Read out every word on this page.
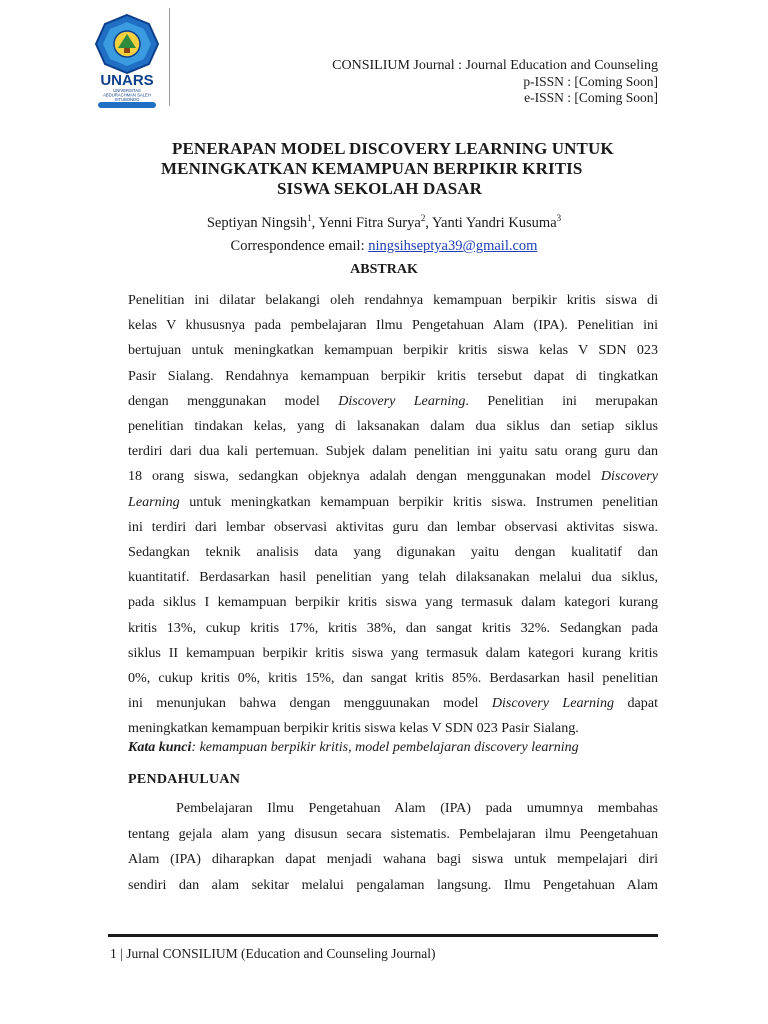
UNARS
UNIVERSITAS
ABDURACHMAN SALEH
SITUBONDO
CONSILIUM Journal : Journal Education and Counseling
p-ISSN : [Coming Soon]
e-ISSN : [Coming Soon]
PENERAPAN MODEL DISCOVERY LEARNING UNTUK
MENINGKATKAN KEMAMPUAN BERPIKIR KRITIS
SISWA SEKOLAH DASAR
Septiyan Ningsih$^1$, Yenni Fitra Surya$^2$, Yanti Yandri Kusuma$^3$
Correspondence email: ningsihseptya39@gmail.com
ABSTRAK
Penelitian ini dilatar belakangi oleh rendahnya kemampuan berpikir kritis siswa di
kelas V khususnya pada pembelajaran Ilmu Pengetahuan Alam (IPA). Penelitian ini
bertujuan untuk meningkatkan kemampuan berpikir kritis siswa kelas V SDN 023
Pasir Sialang. Rendahnya kemampuan berpikir kritis tersebut dapat di tingkatkan
dengan menggunakan model Discovery Learning. Penelitian ini merupakan
penelitian tindakan kelas, yang di laksanakan dalam dua siklus dan setiap siklus
terdiri dari dua kali pertemuan. Subjek dalam penelitian ini yaitu satu orang guru dan
18 orang siswa, sedangkan objeknya adalah dengan menggunakan model Discovery
Learning untuk meningkatkan kemampuan berpikir kritis siswa. Instrumen penelitian
ini terdiri dari lembar observasi aktivitas guru dan lembar observasi aktivitas siswa.
Sedangkan teknik analisis data yang digunakan yaitu dengan kualitatif dan
kuantitatif. Berdasarkan hasil penelitian yang telah dilaksanakan melalui dua siklus,
pada siklus I kemampuan berpikir kritis siswa yang termasuk dalam kategori kurang
kritis 13%, cukup kritis 17%, kritis 38%, dan sangat kritis 32%. Sedangkan pada
siklus II kemampuan berpikir kritis siswa yang termasuk dalam kategori kurang kritis
0%, cukup kritis 0%, kritis 15%, dan sangat kritis 85%. Berdasarkan hasil penelitian
ini menunjukan bahwa dengan mengguunakan model Discovery Learning dapat
meningkatkan kemampuan berpikir kritis siswa kelas V SDN 023 Pasir Sialang.
Kata kunci: kemampuan berpikir kritis, model pembelajaran discovery learning
PENDAHULUAN
Pembelajaran Ilmu Pengetahuan Alam (IPA) pada umumnya membahas
tentang gejala alam yang disusun secara sistematis. Pembelajaran ilmu Peengetahuan
Alam (IPA) diharapkan dapat menjadi wahana bagi siswa untuk mempelajari diri
sendiri dan alam sekitar melalui pengalaman langsung. Ilmu Pengetahuan Alam
1 | Jurnal CONSILIUM (Education and Counseling Journal)
